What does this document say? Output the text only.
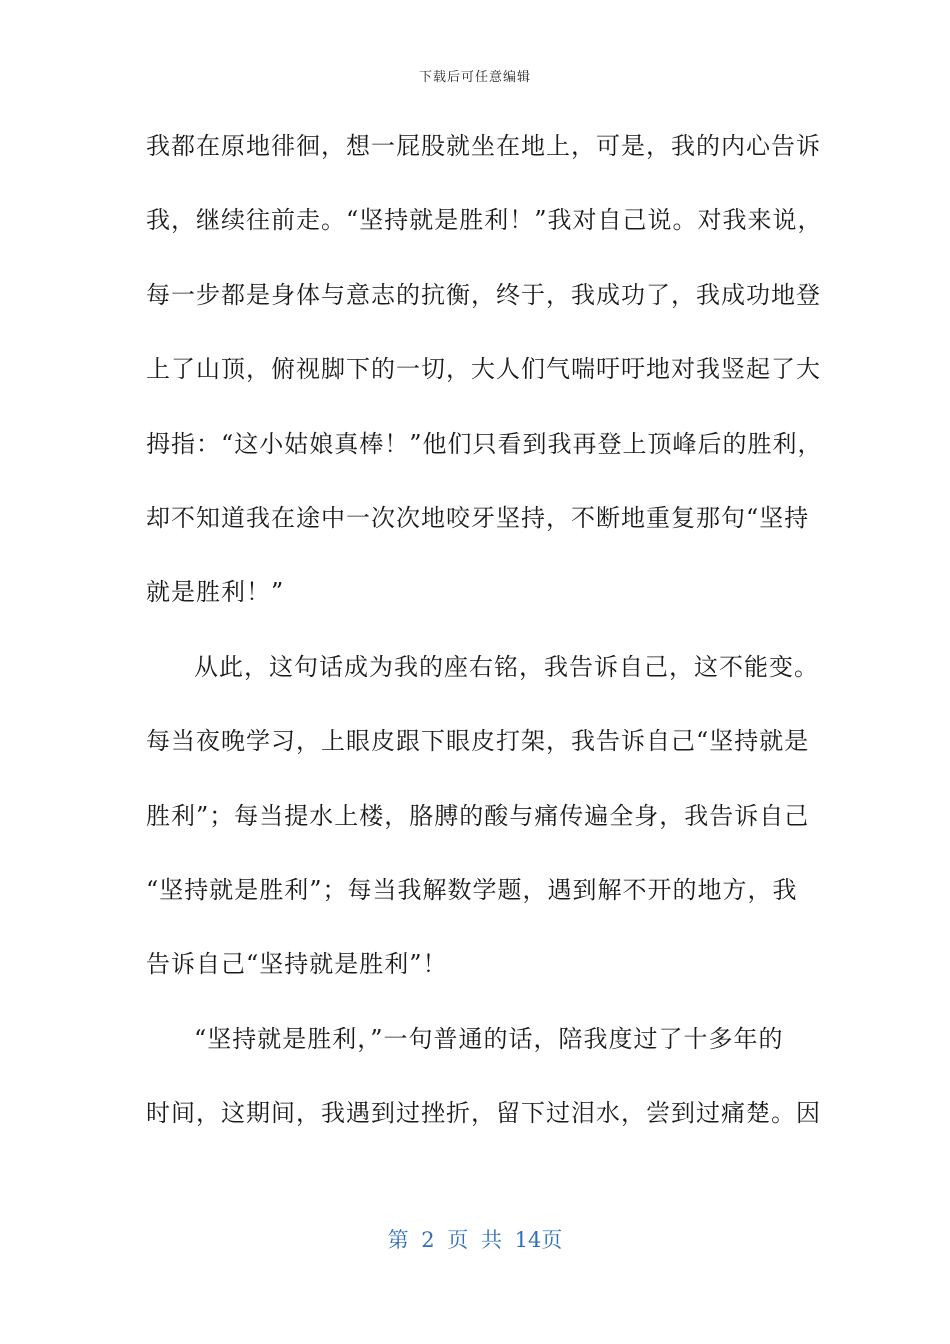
下载后可任意编辑
我都在原地徘徊，想一屁股就坐在地上，可是，我的内心告诉
我，继续往前走。“坚持就是胜利！”我对自己说。对我来说，
每一步都是身体与意志的抗衡，终于，我成功了，我成功地登
上了山顶，俯视脚下的一切，大人们气喘吁吁地对我竖起了大
拇指：“这小姑娘真棒！”他们只看到我再登上顶峰后的胜利，
却不知道我在途中一次次地咬牙坚持，不断地重复那句“坚持
就是胜利！”
从此，这句话成为我的座右铭，我告诉自己，这不能变。
每当夜晚学习，上眼皮跟下眼皮打架，我告诉自己“坚持就是
胜利”；每当提水上楼，胳膊的酸与痛传遍全身，我告诉自己
“坚持就是胜利”；每当我解数学题，遇到解不开的地方，我
告诉自己“坚持就是胜利”！
“坚持就是胜利，”一句普通的话，陪我度过了十多年的
时间，这期间，我遇到过挫折，留下过泪水，尝到过痛楚。因
第 2 页 共 14页
